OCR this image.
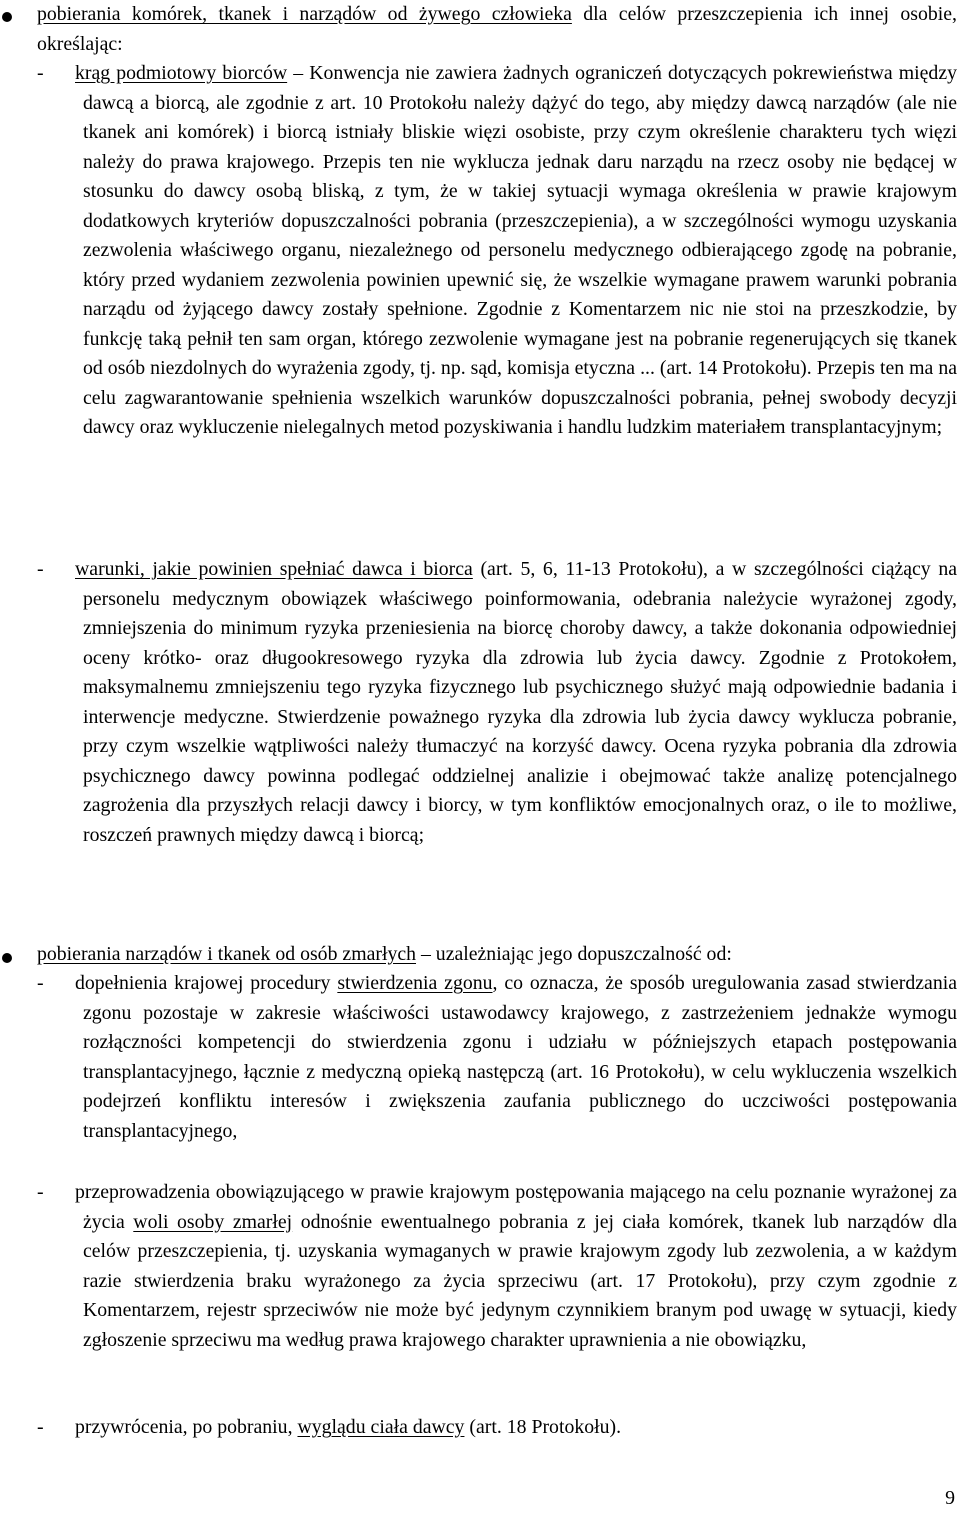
pobierania komórek, tkanek i narządów od żywego człowieka dla celów przeszczepienia ich innej osobie, określając:

- krąg podmiotowy biorców – Konwencja nie zawiera żadnych ograniczeń dotyczących pokrewieństwa między dawcą a biorcą, ale zgodnie z art. 10 Protokołu należy dążyć do tego, aby między dawcą narządów (ale nie tkanek ani komórek) i biorcą istniały bliskie więzi osobiste, przy czym określenie charakteru tych więzi należy do prawa krajowego. Przepis ten nie wyklucza jednak daru narządu na rzecz osoby nie będącej w stosunku do dawcy osobą bliską, z tym, że w takiej sytuacji wymaga określenia w prawie krajowym dodatkowych kryteriów dopuszczalności pobrania (przeszczepienia), a w szczególności wymogu uzyskania zezwolenia właściwego organu, niezależnego od personelu medycznego odbierającego zgodę na pobranie, który przed wydaniem zezwolenia powinien upewnić się, że wszelkie wymagane prawem warunki pobrania narządu od żyjącego dawcy zostały spełnione. Zgodnie z Komentarzem nic nie stoi na przeszkodzie, by funkcję taką pełnił ten sam organ, którego zezwolenie wymagane jest na pobranie regenerujących się tkanek od osób niezdolnych do wyrażenia zgody, tj. np. sąd, komisja etyczna ... (art. 14 Protokołu). Przepis ten ma na celu zagwarantowanie spełnienia wszelkich warunków dopuszczalności pobrania, pełnej swobody decyzji dawcy oraz wykluczenie nielegalnych metod pozyskiwania i handlu ludzkim materiałem transplantacyjnym;

- warunki, jakie powinien spełniać dawca i biorca (art. 5, 6, 11-13 Protokołu), a w szczególności ciążący na personelu medycznym obowiązek właściwego poinformowania, odebrania należycie wyrażonej zgody, zmniejszenia do minimum ryzyka przeniesienia na biorcę choroby dawcy, a także dokonania odpowiedniej oceny krótko- oraz długookresowego ryzyka dla zdrowia lub życia dawcy. Zgodnie z Protokołem, maksymalnemu zmniejszeniu tego ryzyka fizycznego lub psychicznego służyć mają odpowiednie badania i interwencje medyczne. Stwierdzenie poważnego ryzyka dla zdrowia lub życia dawcy wyklucza pobranie, przy czym wszelkie wątpliwości należy tłumaczyć na korzyść dawcy. Ocena ryzyka pobrania dla zdrowia psychicznego dawcy powinna podlegać oddzielnej analizie i obejmować także analizę potencjalnego zagrożenia dla przyszłych relacji dawcy i biorcy, w tym konfliktów emocjonalnych oraz, o ile to możliwe, roszczeń prawnych między dawcą i biorcą;

pobierania narządów i tkanek od osób zmarłych – uzależniając jego dopuszczalność od:

- dopełnienia krajowej procedury stwierdzenia zgonu, co oznacza, że sposób uregulowania zasad stwierdzania zgonu pozostaje w zakresie właściwości ustawodawcy krajowego, z zastrzeżeniem jednakże wymogu rozłączności kompetencji do stwierdzenia zgonu i udziału w późniejszych etapach postępowania transplantacyjnego, łącznie z medyczną opieką następczą (art. 16 Protokołu), w celu wykluczenia wszelkich podejrzeń konfliktu interesów i zwiększenia zaufania publicznego do uczciwości postępowania transplantacyjnego,

- przeprowadzenia obowiązującego w prawie krajowym postępowania mającego na celu poznanie wyrażonej za życia woli osoby zmarłej odnośnie ewentualnego pobrania z jej ciała komórek, tkanek lub narządów dla celów przeszczepienia, tj. uzyskania wymaganych w prawie krajowym zgody lub zezwolenia, a w każdym razie stwierdzenia braku wyrażonego za życia sprzeciwu (art. 17 Protokołu), przy czym zgodnie z Komentarzem, rejestr sprzeciwów nie może być jedynym czynnikiem branym pod uwagę w sytuacji, kiedy zgłoszenie sprzeciwu ma według prawa krajowego charakter uprawnienia a nie obowiązku,

- przywrócenia, po pobraniu, wyglądu ciała dawcy (art. 18 Protokołu).

9
